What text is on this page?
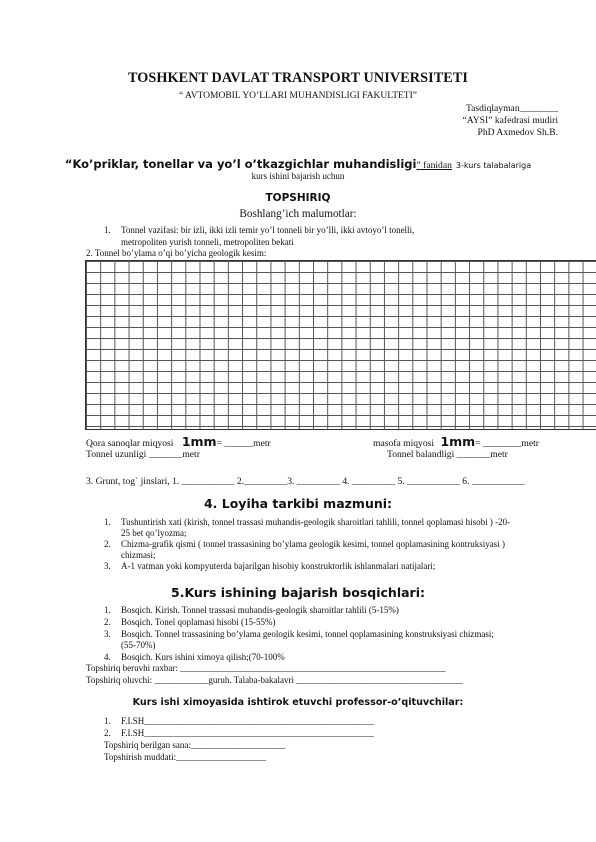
TOSHKENT DAVLAT TRANSPORT UNIVERSITETI
“ AVTOMOBIL YO’LLARI MUHANDISLIGI FAKULTETI”
Tasdiqlayman________
“AYSI” kafedrasi mudiri
PhD Axmedov Sh.B.
“Ko’priklar, tonellar va yo’l o’tkazgichlar muhandisligi” fanidan 3-kurs talabalariga
kurs ishini bajarish uchun
TOPSHIRIQ
Boshlang’ich malumotlar:
1. Tonnel vazifasi: bir izli, ikki izli temir yo’l tonneli bir yo’lli, ikki avtoyo’l tonelli,
metropoliten yurish tonneli, metropoliten bekati
2. Tonnel bo’ylama o’qi bo’yicha geologik kesim:
Qora sanoqlar miqyosi 1mm= ______metr	masofa miqyosi 1mm= ________metr
Tonnel uzunligi _______metr	Tonnel balandligi _______metr
3. Grunt, tog` jinslari, 1. ___________ 2._________3. _________ 4. _________ 5. ___________ 6. ___________
4. Loyiha tarkibi mazmuni:
1. Tushuntirish xati (kirish, tonnel trassasi muhandis-geologik sharoitlari tahlili, tonnel qoplamasi hisobi ) -20-
25 bet qo’lyozma;
2. Chizma-grafik qismi ( tonnel trassasining bo’ylama geologik kesimi, tonnel qoplamasining kontruksiyasi )
chizmasi;
3. A-1 vatman yoki kompyuterda bajarilgan hisobiy konstruktorlik ishlanmalari natijalari;
5.Kurs ishining bajarish bosqichlari:
1. Bosqich. Kirish. Tonnel trassasi muhandis-geologik sharoitlar tahlili (5-15%)
2. Bosqich. Tonel qoplamasi hisobi (15-55%)
3. Bosqich. Tonnel trassasining bo’ylama geologik kesimi, tonnel qoplamasining konstruksiyasi chizmasi;
(55-70%)
4. Bosqich. Kurs ishini ximoya qilish;(70-100%
Topshiriq beruvhi raxbar: ___________________________________________________________
Topshiriq oluvchi: ____________guruh. Talaba-bakalavri _____________________________________
Kurs ishi ximoyasida ishtirok etuvchi professor-o’qituvchilar:
1. F.I.SH___________________________________________________
2. F.I.SH___________________________________________________
Topshiriq berilgan sana:_____________________
Topshirish muddati:____________________
